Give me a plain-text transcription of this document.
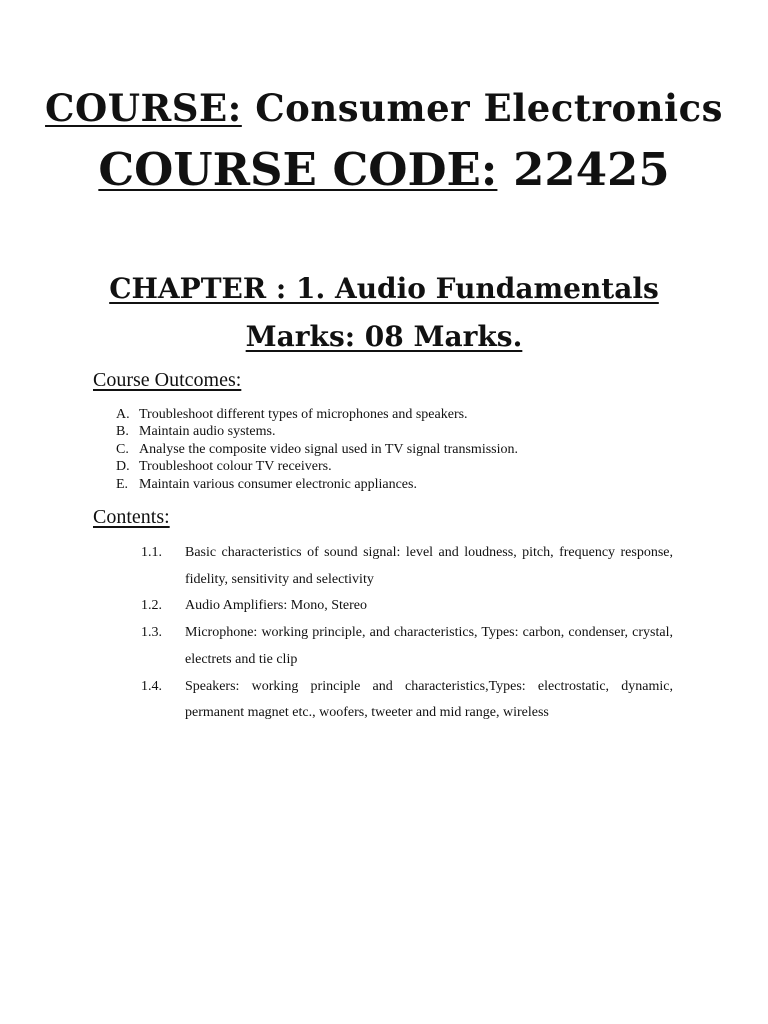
COURSE: Consumer Electronics
COURSE CODE: 22425
CHAPTER : 1. Audio Fundamentals
Marks: 08 Marks.
Course Outcomes:
A. Troubleshoot different types of microphones and speakers.
B. Maintain audio systems.
C. Analyse the composite video signal used in TV signal transmission.
D. Troubleshoot colour TV receivers.
E. Maintain various consumer electronic appliances.
Contents:
1.1. Basic characteristics of sound signal: level and loudness, pitch, frequency response, fidelity, sensitivity and selectivity
1.2. Audio Amplifiers: Mono, Stereo
1.3. Microphone: working principle, and characteristics, Types: carbon, condenser, crystal, electrets and tie clip
1.4. Speakers: working principle and characteristics,Types: electrostatic, dynamic, permanent magnet etc., woofers, tweeter and mid range, wireless
